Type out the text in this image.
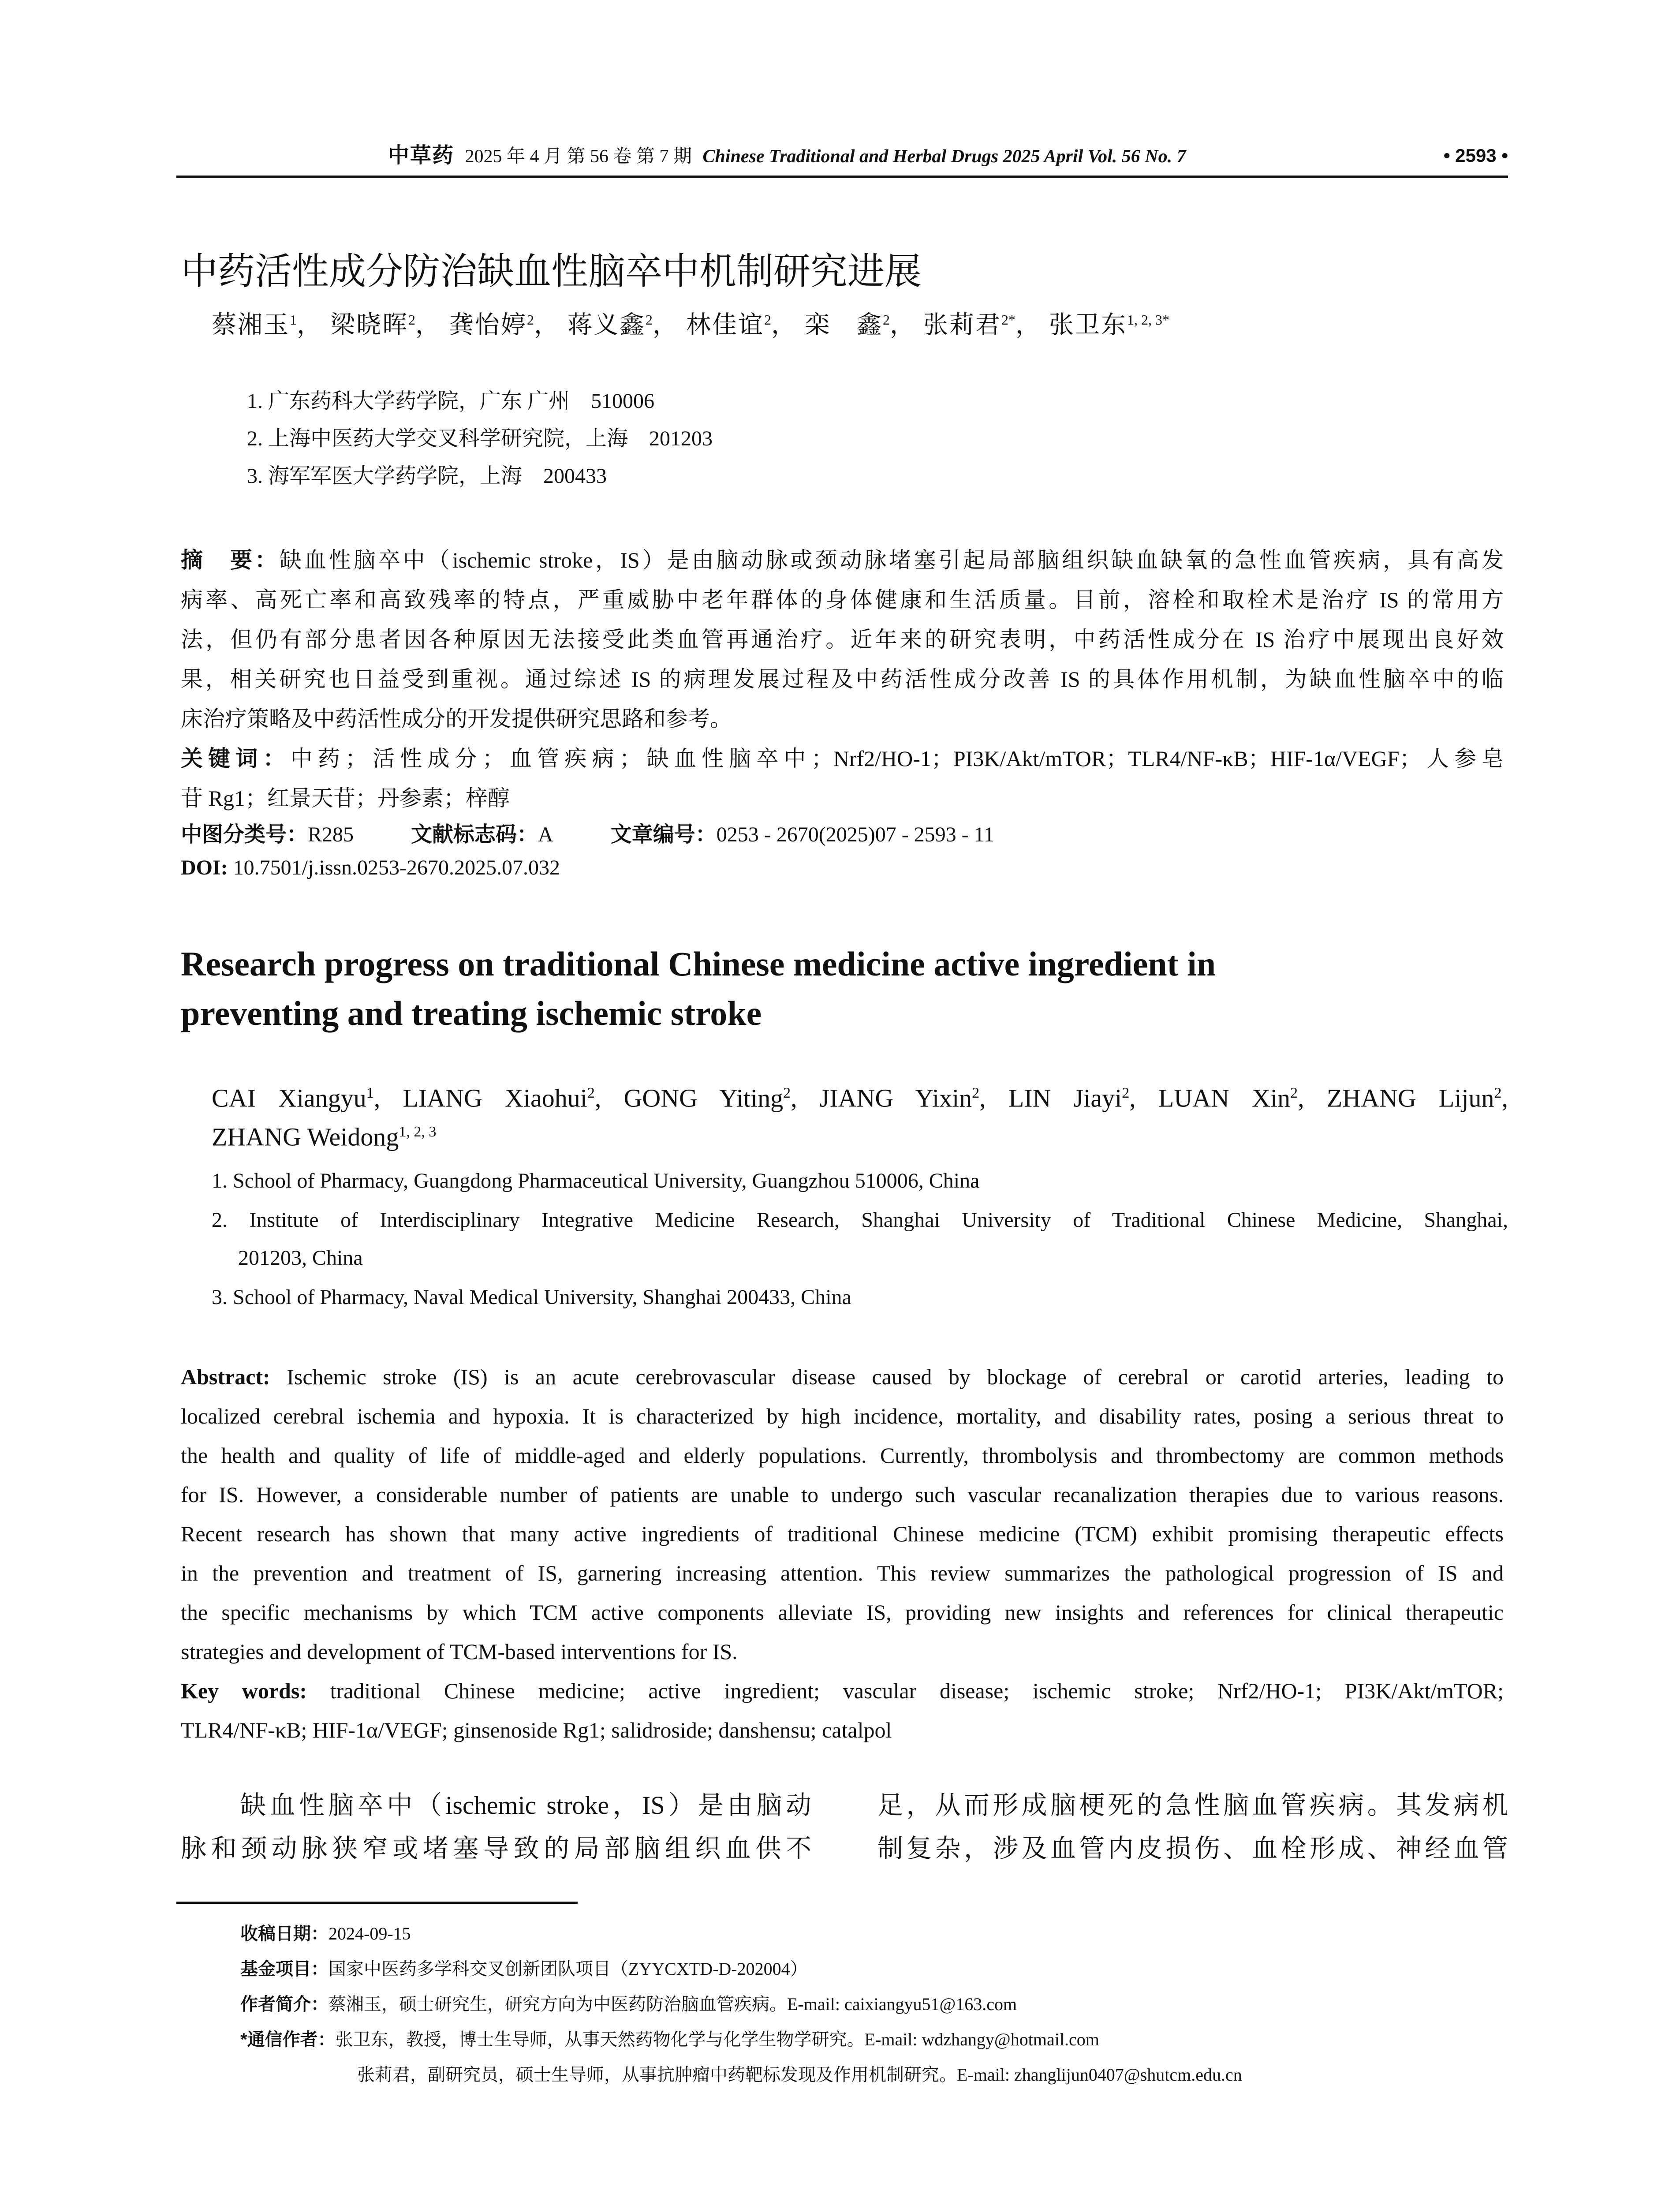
中草药 2025 年 4 月 第 56 卷 第 7 期 Chinese Traditional and Herbal Drugs 2025 April Vol. 56 No. 7	• 2593 •
中药活性成分防治缺血性脑卒中机制研究进展
蔡湘玉$^1$， 梁晓晖$^2$， 龚怡婷$^2$， 蒋义鑫$^2$， 林佳谊$^2$， 栾　鑫$^2$， 张莉君$^{2*}$， 张卫东$^{1, 2, 3*}$
1. 广东药科大学药学院，广东 广州　510006
2. 上海中医药大学交叉科学研究院，上海　201203
3. 海军军医大学药学院，上海　200433
摘　要：缺血性脑卒中（ischemic stroke，IS）是由脑动脉或颈动脉堵塞引起局部脑组织缺血缺氧的急性血管疾病，具有高发
病率、高死亡率和高致残率的特点，严重威胁中老年群体的身体健康和生活质量。目前，溶栓和取栓术是治疗 IS 的常用方
法，但仍有部分患者因各种原因无法接受此类血管再通治疗。近年来的研究表明，中药活性成分在 IS 治疗中展现出良好效
果，相关研究也日益受到重视。通过综述 IS 的病理发展过程及中药活性成分改善 IS 的具体作用机制，为缺血性脑卒中的临
床治疗策略及中药活性成分的开发提供研究思路和参考。
关键词：中药；活性成分；血管疾病；缺血性脑卒中；Nrf2/HO-1；PI3K/Akt/mTOR；TLR4/NF-κB；HIF-1α/VEGF；人参皂
苷 Rg1；红景天苷；丹参素；梓醇
中图分类号：R285	文献标志码：A	文章编号：0253 - 2670(2025)07 - 2593 - 11
DOI: 10.7501/j.issn.0253-2670.2025.07.032
Research progress on traditional Chinese medicine active ingredient in
preventing and treating ischemic stroke
CAI Xiangyu$^1$, LIANG Xiaohui$^2$, GONG Yiting$^2$, JIANG Yixin$^2$, LIN Jiayi$^2$, LUAN Xin$^2$, ZHANG Lijun$^2$,
ZHANG Weidong$^{1, 2, 3}$
1. School of Pharmacy, Guangdong Pharmaceutical University, Guangzhou 510006, China
2. Institute of Interdisciplinary Integrative Medicine Research, Shanghai University of Traditional Chinese Medicine, Shanghai,
201203, China
3. School of Pharmacy, Naval Medical University, Shanghai 200433, China
Abstract: Ischemic stroke (IS) is an acute cerebrovascular disease caused by blockage of cerebral or carotid arteries, leading to
localized cerebral ischemia and hypoxia. It is characterized by high incidence, mortality, and disability rates, posing a serious threat to
the health and quality of life of middle-aged and elderly populations. Currently, thrombolysis and thrombectomy are common methods
for IS. However, a considerable number of patients are unable to undergo such vascular recanalization therapies due to various reasons.
Recent research has shown that many active ingredients of traditional Chinese medicine (TCM) exhibit promising therapeutic effects
in the prevention and treatment of IS, garnering increasing attention. This review summarizes the pathological progression of IS and
the specific mechanisms by which TCM active components alleviate IS, providing new insights and references for clinical therapeutic
strategies and development of TCM-based interventions for IS.
Key words: traditional Chinese medicine; active ingredient; vascular disease; ischemic stroke; Nrf2/HO-1; PI3K/Akt/mTOR;
TLR4/NF-κB; HIF-1α/VEGF; ginsenoside Rg1; salidroside; danshensu; catalpol
缺血性脑卒中（ischemic stroke，IS）是由脑动
脉和颈动脉狭窄或堵塞导致的局部脑组织血供不
足，从而形成脑梗死的急性脑血管疾病。其发病机
制复杂，涉及血管内皮损伤、血栓形成、神经血管
收稿日期：2024-09-15
基金项目：国家中医药多学科交叉创新团队项目（ZYYCXTD-D-202004）
作者简介：蔡湘玉，硕士研究生，研究方向为中医药防治脑血管疾病。E-mail: caixiangyu51@163.com
*通信作者：张卫东，教授，博士生导师，从事天然药物化学与化学生物学研究。E-mail: wdzhangy@hotmail.com
张莉君，副研究员，硕士生导师，从事抗肿瘤中药靶标发现及作用机制研究。E-mail: zhanglijun0407@shutcm.edu.cn
